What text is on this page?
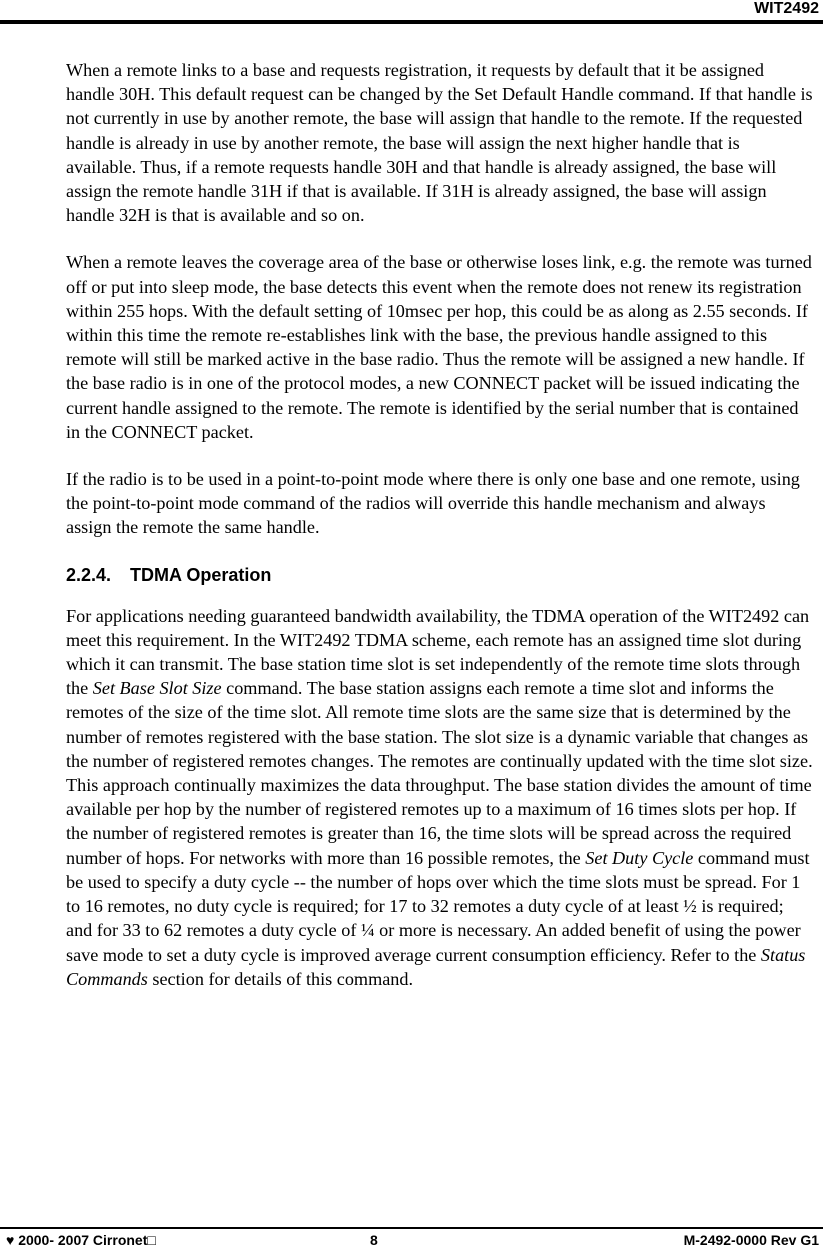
WIT2492

When a remote links to a base and requests registration, it requests by default that it be assigned handle 30H. This default request can be changed by the Set Default Handle command. If that handle is not currently in use by another remote, the base will assign that handle to the remote. If the requested handle is already in use by another remote, the base will assign the next higher handle that is available. Thus, if a remote requests handle 30H and that handle is already assigned, the base will assign the remote handle 31H if that is available. If 31H is already assigned, the base will assign handle 32H is that is available and so on.

When a remote leaves the coverage area of the base or otherwise loses link, e.g. the remote was turned off or put into sleep mode, the base detects this event when the remote does not renew its registration within 255 hops. With the default setting of 10msec per hop, this could be as along as 2.55 seconds. If within this time the remote re-establishes link with the base, the previous handle assigned to this remote will still be marked active in the base radio. Thus the remote will be assigned a new handle. If the base radio is in one of the protocol modes, a new CONNECT packet will be issued indicating the current handle assigned to the remote. The remote is identified by the serial number that is contained in the CONNECT packet.

If the radio is to be used in a point-to-point mode where there is only one base and one remote, using the point-to-point mode command of the radios will override this handle mechanism and always assign the remote the same handle.

2.2.4. TDMA Operation

For applications needing guaranteed bandwidth availability, the TDMA operation of the WIT2492 can meet this requirement. In the WIT2492 TDMA scheme, each remote has an assigned time slot during which it can transmit. The base station time slot is set independently of the remote time slots through the Set Base Slot Size command. The base station assigns each remote a time slot and informs the remotes of the size of the time slot. All remote time slots are the same size that is determined by the number of remotes registered with the base station. The slot size is a dynamic variable that changes as the number of registered remotes changes. The remotes are continually updated with the time slot size. This approach continually maximizes the data throughput. The base station divides the amount of time available per hop by the number of registered remotes up to a maximum of 16 times slots per hop. If the number of registered remotes is greater than 16, the time slots will be spread across the required number of hops. For networks with more than 16 possible remotes, the Set Duty Cycle command must be used to specify a duty cycle -- the number of hops over which the time slots must be spread. For 1 to 16 remotes, no duty cycle is required; for 17 to 32 remotes a duty cycle of at least ½ is required; and for 33 to 62 remotes a duty cycle of ¼ or more is necessary. An added benefit of using the power save mode to set a duty cycle is improved average current consumption efficiency. Refer to the Status Commands section for details of this command.

♥ 2000- 2007 Cirronet□	8	M-2492-0000 Rev G1
